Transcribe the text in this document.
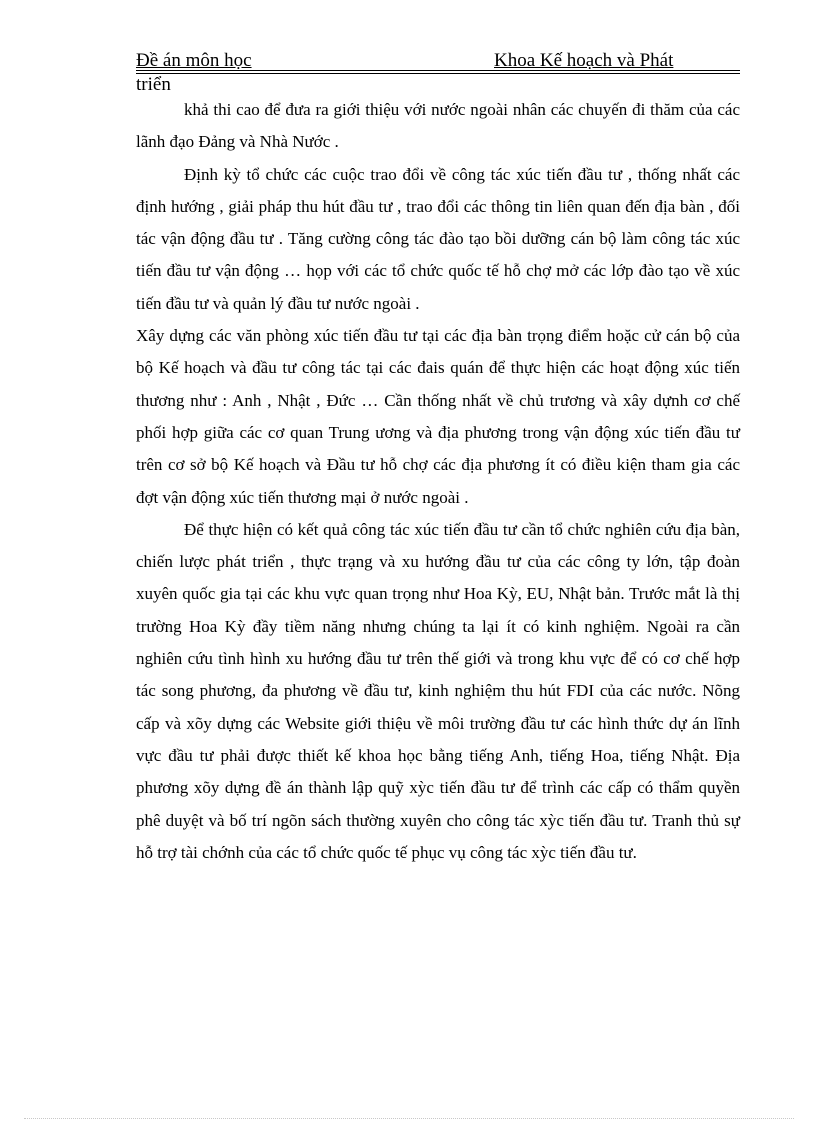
Đề án môn học	Khoa Kế hoạch và Phát
triển

khả thi cao để đưa ra giới thiệu với nước ngoài nhân các chuyến đi thăm của các lãnh đạo Đảng và Nhà Nước .

Định kỳ tổ chức các cuộc trao đổi về công tác xúc tiến đầu tư , thống nhất các định hướng , giải pháp thu hút đầu tư , trao đổi các thông tin liên quan đến địa bàn , đối tác vận động đầu tư . Tăng cường công tác đào tạo bồi dưỡng cán bộ làm công tác xúc tiến đầu tư vận động … họp với các tổ chức quốc tế hỗ chợ mở các lớp đào tạo về xúc tiến đầu tư và quản lý đầu tư nước ngoài .

Xây dựng các văn phòng xúc tiến đầu tư tại các địa bàn trọng điểm hoặc cử cán bộ của bộ Kế hoạch và đầu tư công tác tại các đais quán để thực hiện các hoạt động xúc tiến thương như : Anh , Nhật , Đức … Cần thống nhất về chủ trương và xây dựnh cơ chế phối hợp giữa các cơ quan Trung ương và địa phương trong vận động xúc tiến đầu tư trên cơ sở bộ Kế hoạch và Đầu tư hỗ chợ các địa phương ít có điều kiện tham gia các đợt vận động xúc tiến thương mại ở nước ngoài .

Để thực hiện có kết quả công tác xúc tiến đầu tư cần tổ chức nghiên cứu địa bàn, chiến lược phát triển , thực trạng và xu hướng đầu tư của các công ty lớn, tập đoàn xuyên quốc gia tại các khu vực quan trọng như Hoa Kỳ, EU, Nhật bản. Trước mắt là thị trường Hoa Kỳ đầy tiềm năng nhưng chúng ta lại ít có kinh nghiệm. Ngoài ra cần nghiên cứu tình hình xu hướng đầu tư trên thế giới và trong khu vực để có cơ chế hợp tác song phương, đa phương về đầu tư, kinh nghiệm thu hút FDI của các nước. Nõng cấp và xõy dựng các Website giới thiệu về môi trường đầu tư các hình thức dự án lĩnh vực đầu tư phải được thiết kế khoa học bằng tiếng Anh, tiếng Hoa, tiếng Nhật. Địa phương xõy dựng đề án thành lập quỹ xỳc tiến đầu tư để trình các cấp có thẩm quyền phê duyệt và bố trí ngõn sách thường xuyên cho công tác xỳc tiến đầu tư. Tranh thủ sự hỗ trợ tài chớnh của các tổ chức quốc tế phục vụ công tác xỳc tiến đầu tư.
